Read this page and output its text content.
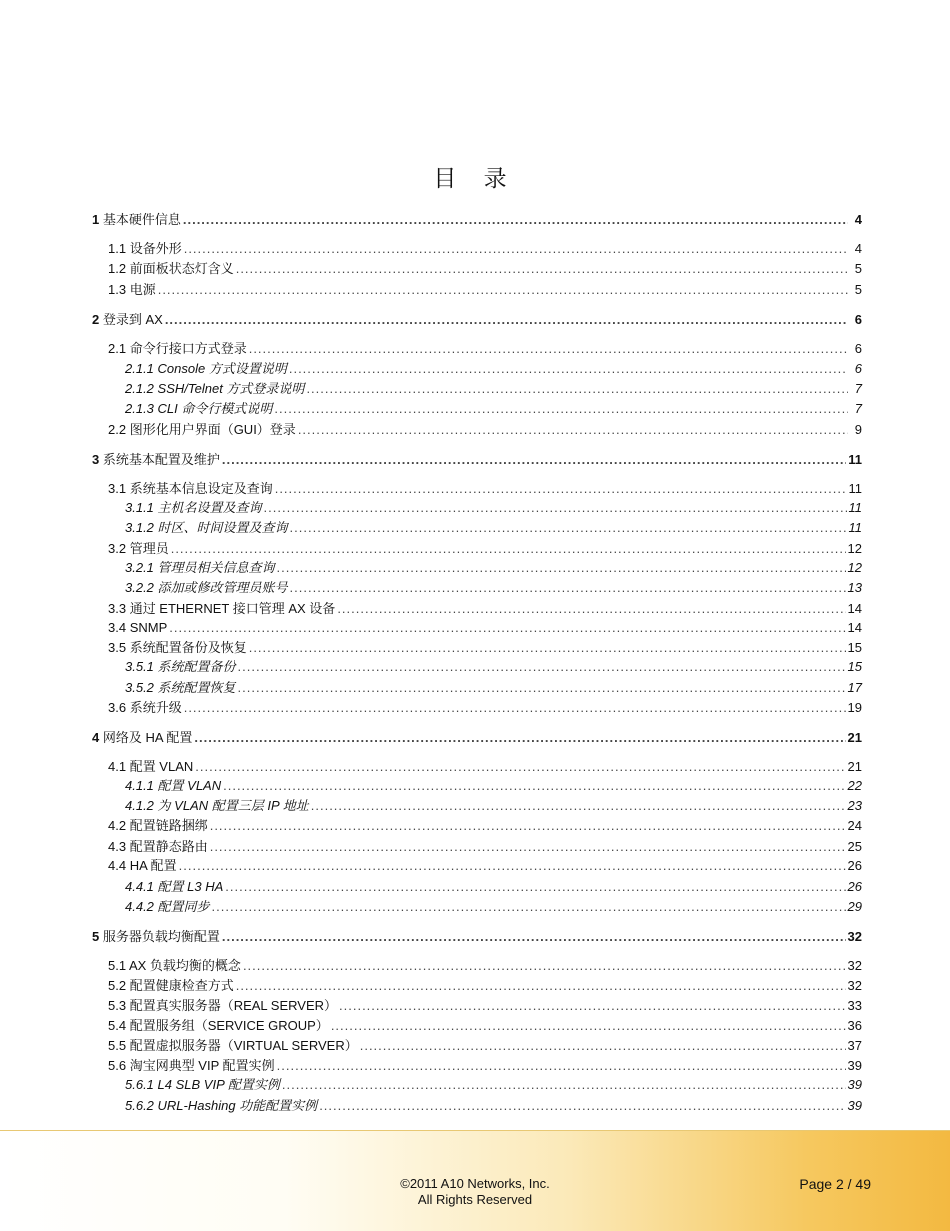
目 录
1 基本硬件信息 .....	4
1.1 设备外形 .....	4
1.2 前面板状态灯含义 .....	5
1.3 电源 .....	5
2 登录到 AX .....	6
2.1 命令行接口方式登录 .....	6
2.1.1 Console 方式设置说明 .....	6
2.1.2 SSH/Telnet 方式登录说明 .....	7
2.1.3 CLI 命令行模式说明 .....	7
2.2 图形化用户界面（GUI）登录 .....	9
3 系统基本配置及维护 .....	11
3.1 系统基本信息设定及查询 .....	11
3.1.1 主机名设置及查询 .....	11
3.1.2 时区、时间设置及查询 .....	11
3.2 管理员 .....	12
3.2.1 管理员相关信息查询 .....	12
3.2.2 添加或修改管理员账号 .....	13
3.3 通过 ETHERNET 接口管理 AX 设备 .....	14
3.4 SNMP .....	14
3.5 系统配置备份及恢复 .....	15
3.5.1 系统配置备份 .....	15
3.5.2 系统配置恢复 .....	17
3.6 系统升级 .....	19
4 网络及 HA 配置 .....	21
4.1 配置 VLAN .....	21
4.1.1 配置 VLAN .....	22
4.1.2 为 VLAN 配置三层 IP 地址 .....	23
4.2 配置链路捆绑 .....	24
4.3 配置静态路由 .....	25
4.4 HA 配置 .....	26
4.4.1 配置 L3 HA .....	26
4.4.2 配置同步 .....	29
5 服务器负载均衡配置 .....	32
5.1 AX 负载均衡的概念 .....	32
5.2 配置健康检查方式 .....	32
5.3 配置真实服务器（REAL SERVER） .....	33
5.4 配置服务组（SERVICE GROUP） .....	36
5.5 配置虚拟服务器（VIRTUAL SERVER） .....	37
5.6 淘宝网典型 VIP 配置实例 .....	39
5.6.1 L4 SLB VIP 配置实例 .....	39
5.6.2 URL-Hashing 功能配置实例 .....	39
©2011 A10 Networks, Inc.
All Rights Reserved
Page 2 / 49
